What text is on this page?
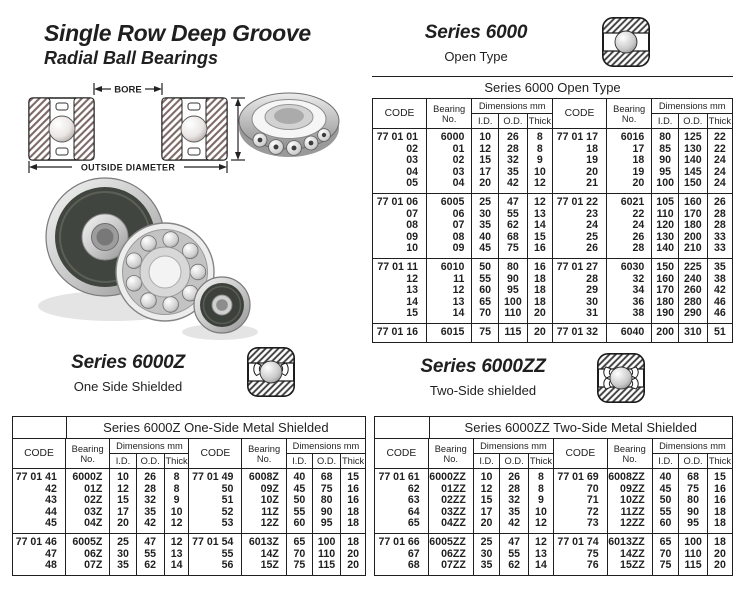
Single Row Deep Groove
Radial Ball Bearings
BORE
OUTSIDE DIAMETER
Series 6000
Open Type
Series 6000 Open Type
CODE	Bearing No.	Dimensions mm			CODE	Bearing No.	Dimensions mm		
		I.D.	O.D.	Thick			I.D.	O.D.	Thick
77 01 01	6000	10	26	8	77 01 17	6016	80	125	22
02	01	12	28	8	18	17	85	130	22
03	02	15	32	9	19	18	90	140	24
04	03	17	35	10	20	19	95	145	24
05	04	20	42	12	21	20	100	150	24
77 01 06	6005	25	47	12	77 01 22	6021	105	160	26
07	06	30	55	13	23	22	110	170	28
08	07	35	62	14	24	24	120	180	28
09	08	40	68	15	25	26	130	200	33
10	09	45	75	16	26	28	140	210	33
77 01 11	6010	50	80	16	77 01 27	6030	150	225	35
12	11	55	90	18	28	32	160	240	38
13	12	60	95	18	29	34	170	260	42
14	13	65	100	18	30	36	180	280	46
15	14	70	110	20	31	38	190	290	46
77 01 16	6015	75	115	20	77 01 32	6040	200	310	51
Series 6000Z
One Side Shielded
Series 6000ZZ
Two-Side shielded
Series 6000Z One-Side Metal Shielded
CODE	Bearing No.	Dimensions mm			CODE	Bearing No.	Dimensions mm		
		I.D.	O.D.	Thick			I.D.	O.D.	Thick
77 01 41	6000Z	10	26	8	77 01 49	6008Z	40	68	15
42	01Z	12	28	8	50	09Z	45	75	16
43	02Z	15	32	9	51	10Z	50	80	16
44	03Z	17	35	10	52	11Z	55	90	18
45	04Z	20	42	12	53	12Z	60	95	18
77 01 46	6005Z	25	47	12	77 01 54	6013Z	65	100	18
47	06Z	30	55	13	55	14Z	70	110	20
48	07Z	35	62	14	56	15Z	75	115	20
Series 6000ZZ Two-Side Metal Shielded
CODE	Bearing No.	Dimensions mm			CODE	Bearing No.	Dimensions mm		
		I.D.	O.D.	Thick			I.D.	O.D.	Thick
77 01 61	6000ZZ	10	26	8	77 01 69	6008ZZ	40	68	15
62	01ZZ	12	28	8	70	09ZZ	45	75	16
63	02ZZ	15	32	9	71	10ZZ	50	80	16
64	03ZZ	17	35	10	72	11ZZ	55	90	18
65	04ZZ	20	42	12	73	12ZZ	60	95	18
77 01 66	6005ZZ	25	47	12	77 01 74	6013ZZ	65	100	18
67	06ZZ	30	55	13	75	14ZZ	70	110	20
68	07ZZ	35	62	14	76	15ZZ	75	115	20
